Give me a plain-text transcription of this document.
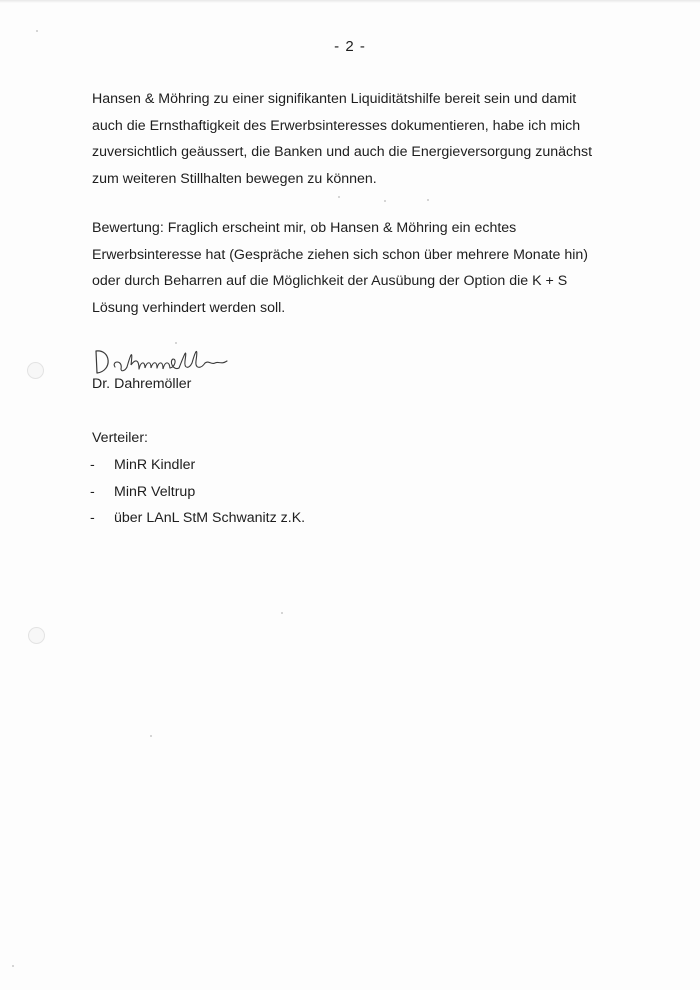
- 2 -

Hansen & Möhring zu einer signifikanten Liquiditätshilfe bereit sein und damit
auch die Ernsthaftigkeit des Erwerbsinteresses dokumentieren, habe ich mich
zuversichtlich geäussert, die Banken und auch die Energieversorgung zunächst
zum weiteren Stillhalten bewegen zu können.

Bewertung: Fraglich erscheint mir, ob Hansen & Möhring ein echtes
Erwerbsinteresse hat (Gespräche ziehen sich schon über mehrere Monate hin)
oder durch Beharren auf die Möglichkeit der Ausübung der Option die K + S
Lösung verhindert werden soll.

Dr. Dahremöller
Verteiler:
- MinR Kindler
- MinR Veltrup
- über LAnL StM Schwanitz z.K.
